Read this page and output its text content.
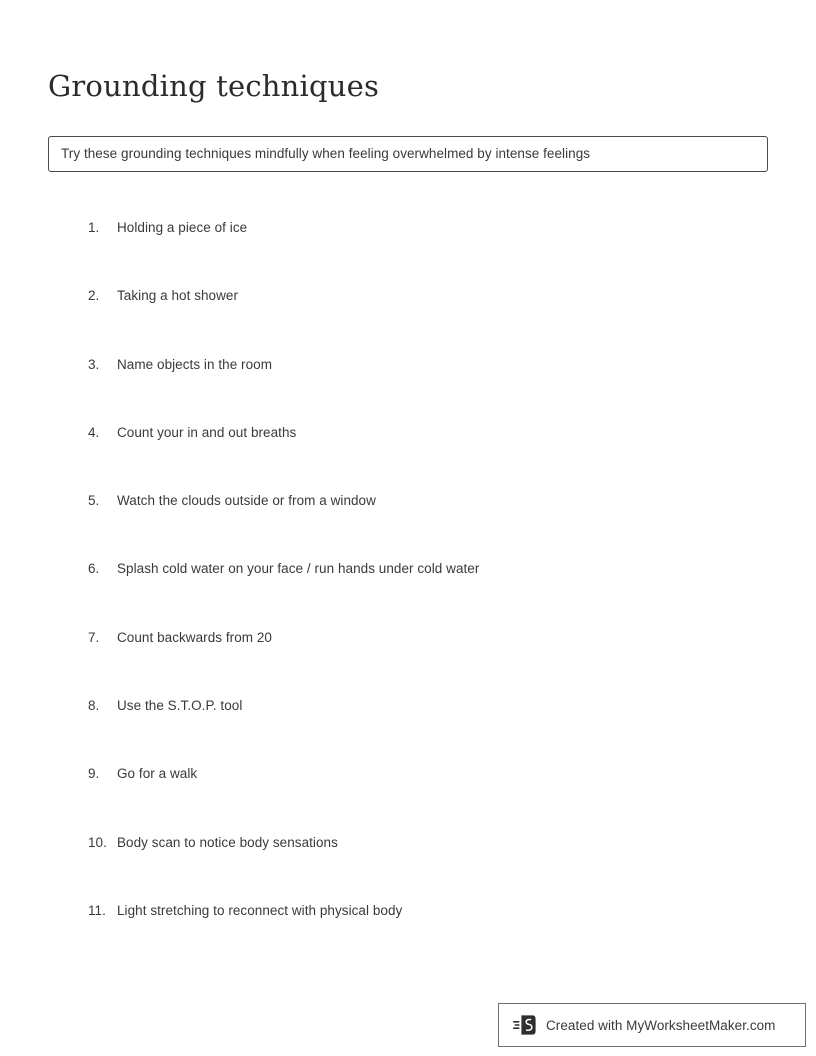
Grounding techniques
Try these grounding techniques mindfully when feeling overwhelmed by intense feelings
1.	Holding a piece of ice
2.	Taking a hot shower
3.	Name objects in the room
4.	Count your in and out breaths
5.	Watch the clouds outside or from a window
6.	Splash cold water on your face / run hands under cold water
7.	Count backwards from 20
8.	Use the S.T.O.P. tool
9.	Go for a walk
10. Body scan to notice body sensations
11. Light stretching to reconnect with physical body
Created with MyWorksheetMaker.com
